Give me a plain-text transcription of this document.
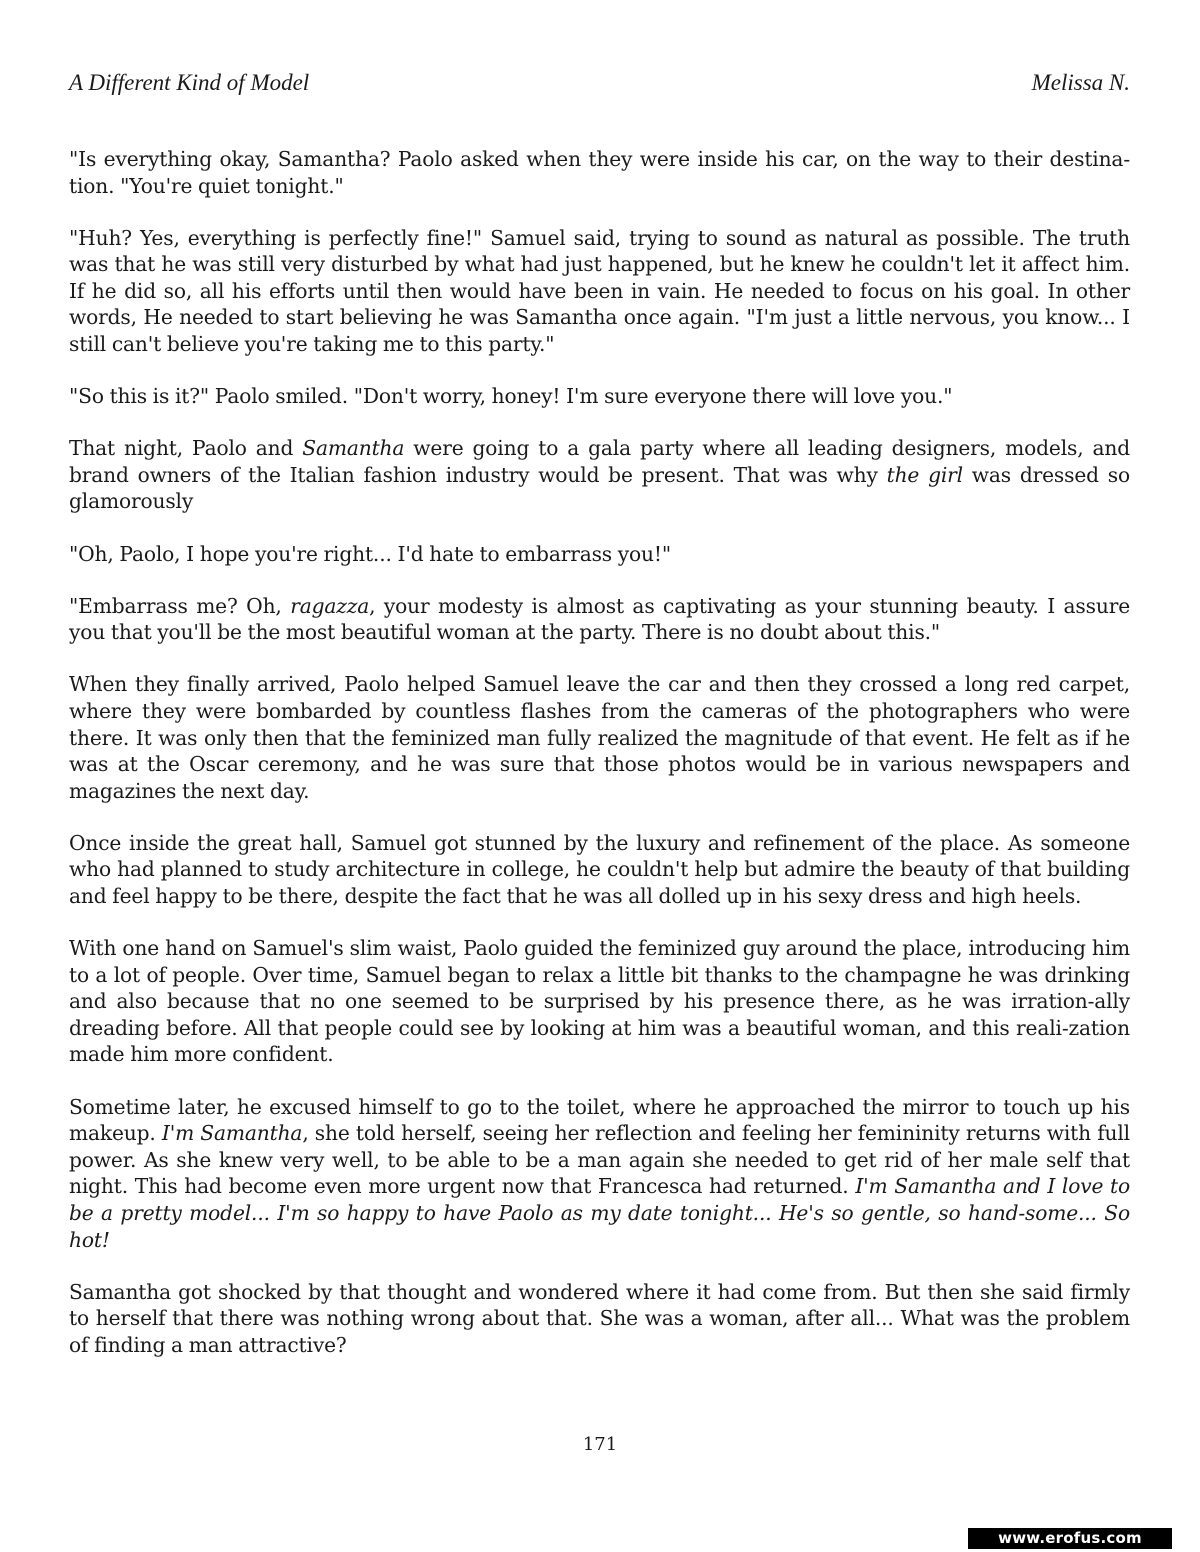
A Different Kind of Model	Melissa N.

"Is everything okay, Samantha? Paolo asked when they were inside his car, on the way to their destina-tion. "You're quiet tonight."

"Huh? Yes, everything is perfectly fine!" Samuel said, trying to sound as natural as possible. The truth was that he was still very disturbed by what had just happened, but he knew he couldn't let it affect him. If he did so, all his efforts until then would have been in vain. He needed to focus on his goal. In other words, He needed to start believing he was Samantha once again. "I'm just a little nervous, you know... I still can't believe you're taking me to this party."

"So this is it?" Paolo smiled. "Don't worry, honey! I'm sure everyone there will love you."

That night, Paolo and Samantha were going to a gala party where all leading designers, models, and brand owners of the Italian fashion industry would be present. That was why the girl was dressed so glamorously

"Oh, Paolo, I hope you're right... I'd hate to embarrass you!"

"Embarrass me? Oh, ragazza, your modesty is almost as captivating as your stunning beauty. I assure you that you'll be the most beautiful woman at the party. There is no doubt about this."

When they finally arrived, Paolo helped Samuel leave the car and then they crossed a long red carpet, where they were bombarded by countless flashes from the cameras of the photographers who were there. It was only then that the feminized man fully realized the magnitude of that event. He felt as if he was at the Oscar ceremony, and he was sure that those photos would be in various newspapers and magazines the next day.

Once inside the great hall, Samuel got stunned by the luxury and refinement of the place. As someone who had planned to study architecture in college, he couldn't help but admire the beauty of that building and feel happy to be there, despite the fact that he was all dolled up in his sexy dress and high heels.

With one hand on Samuel's slim waist, Paolo guided the feminized guy around the place, introducing him to a lot of people. Over time, Samuel began to relax a little bit thanks to the champagne he was drinking and also because that no one seemed to be surprised by his presence there, as he was irration-ally dreading before. All that people could see by looking at him was a beautiful woman, and this reali-zation made him more confident.

Sometime later, he excused himself to go to the toilet, where he approached the mirror to touch up his makeup. I'm Samantha, she told herself, seeing her reflection and feeling her femininity returns with full power. As she knew very well, to be able to be a man again she needed to get rid of her male self that night. This had become even more urgent now that Francesca had returned. I'm Samantha and I love to be a pretty model... I'm so happy to have Paolo as my date tonight... He's so gentle, so hand-some... So hot!

Samantha got shocked by that thought and wondered where it had come from. But then she said firmly to herself that there was nothing wrong about that. She was a woman, after all... What was the problem of finding a man attractive?

171
www.erofus.com
